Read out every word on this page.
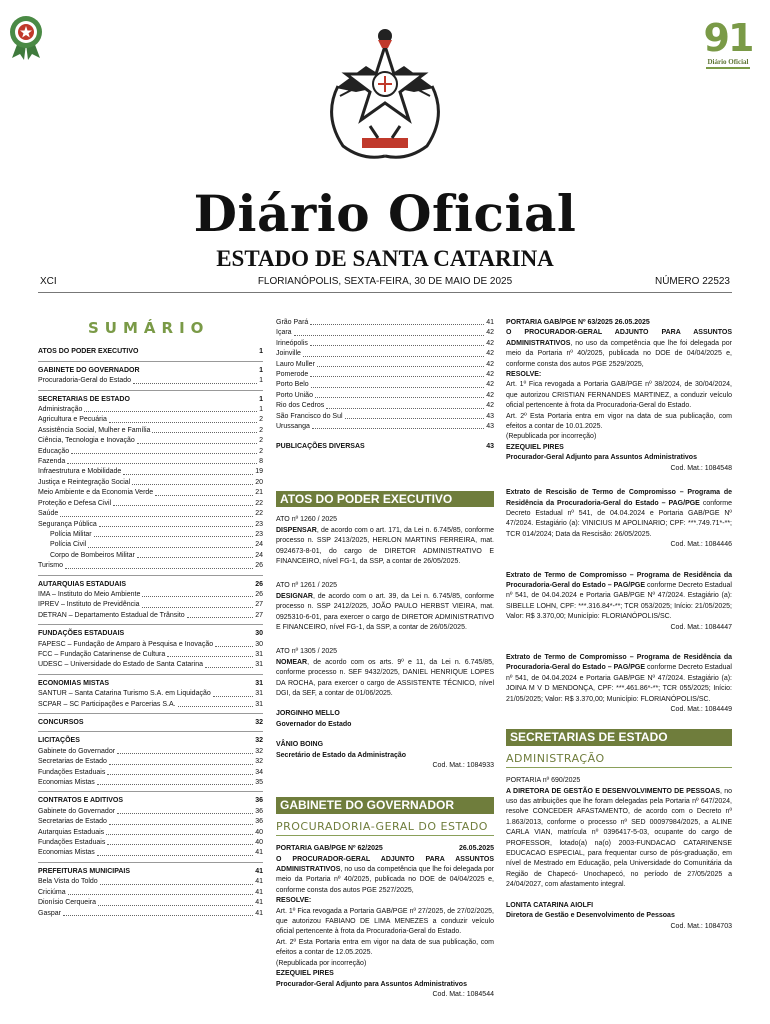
91
Diário Oficial
Diário Oficial
ESTADO DE SANTA CATARINA
XCI	FLORIANÓPOLIS, SEXTA-FEIRA, 30 DE MAIO DE 2025	NÚMERO 22523
SUMÁRIO
ATOS DO PODER EXECUTIVO	1
GABINETE DO GOVERNADOR	1
Procuradoria-Geral do Estado	1
SECRETARIAS DE ESTADO	1
Administração	1
Agricultura e Pecuária	2
Assistência Social, Mulher e Família	2
Ciência, Tecnologia e Inovação	2
Educação	2
Fazenda	8
Infraestrutura e Mobilidade	19
Justiça e Reintegração Social	20
Meio Ambiente e da Economia Verde	21
Proteção e Defesa Civil	22
Saúde	22
Segurança Pública	23
Polícia Militar	23
Polícia Civil	24
Corpo de Bombeiros Militar	24
Turismo	26
AUTARQUIAS ESTADUAIS	26
IMA – Instituto do Meio Ambiente	26
IPREV – Instituto de Previdência	27
DETRAN – Departamento Estadual de Trânsito	27
FUNDAÇÕES ESTADUAIS	30
FAPESC – Fundação de Amparo à Pesquisa e Inovação	30
FCC – Fundação Catarinense de Cultura	31
UDESC – Universidade do Estado de Santa Catarina	31
ECONOMIAS MISTAS	31
SANTUR – Santa Catarina Turismo S.A. em Liquidação	31
SCPAR – SC Participações e Parcerias S.A.	31
CONCURSOS	32
LICITAÇÕES	32
Gabinete do Governador	32
Secretarias de Estado	32
Fundações Estaduais	34
Economias Mistas	35
CONTRATOS E ADITIVOS	36
Gabinete do Governador	36
Secretarias de Estado	36
Autarquias Estaduais	40
Fundações Estaduais	40
Economias Mistas	41
PREFEITURAS MUNICIPAIS	41
Bela Vista do Toldo	41
Criciúma	41
Dionísio Cerqueira	41
Gaspar	41
Grão Pará	41
Içara	42
Irineópolis	42
Joinville	42
Lauro Muller	42
Pomerode	42
Porto Belo	42
Porto União	42
Rio dos Cedros	42
São Francisco do Sul	43
Urussanga	43
PUBLICAÇÕES DIVERSAS	43
ATOS DO PODER EXECUTIVO
ATO nº 1260 / 2025
DISPENSAR, de acordo com o art. 171, da Lei n. 6.745/85, conforme processo n. SSP 2413/2025, HERLON MARTINS FERREIRA, mat. 0924673-8-01, do cargo de DIRETOR ADMINISTRATIVO E FINANCEIRO, nível FG-1, da SSP, a contar de 26/05/2025.
ATO nº 1261 / 2025
DESIGNAR, de acordo com o art. 39, da Lei n. 6.745/85, conforme processo n. SSP 2412/2025, JOÃO PAULO HERBST VIEIRA, mat. 0925310-6-01, para exercer o cargo de DIRETOR ADMINISTRATIVO E FINANCEIRO, nível FG-1, da SSP, a contar de 26/05/2025.
ATO nº 1305 / 2025
NOMEAR, de acordo com os arts. 9º e 11, da Lei n. 6.745/85, conforme processo n. SEF 9432/2025, DANIEL HENRIQUE LOPES DA ROCHA, para exercer o cargo de ASSISTENTE TÉCNICO, nível DGI, da SEF, a contar de 01/06/2025.
JORGINHO MELLO
Governador do Estado
VÂNIO BOING
Secretário de Estado da Administração
Cod. Mat.: 1084933
GABINETE DO GOVERNADOR
PROCURADORIA-GERAL DO ESTADO
PORTARIA GAB/PGE Nº 62/2025	26.05.2025
O PROCURADOR-GERAL ADJUNTO PARA ASSUNTOS ADMINISTRATIVOS, no uso da competência que lhe foi delegada por meio da Portaria nº 40/2025, publicada no DOE de 04/04/2025 e, conforme consta dos autos PGE 2527/2025,
RESOLVE:
Art. 1º Fica revogada a Portaria GAB/PGE nº 27/2025, de 27/02/2025, que autorizou FABIANO DE LIMA MENEZES a conduzir veículo oficial pertencente à frota da Procuradoria-Geral do Estado.
Art. 2º Esta Portaria entra em vigor na data de sua publicação, com efeitos a contar de 12.05.2025.
(Republicada por incorreção)
EZEQUIEL PIRES
Procurador-Geral Adjunto para Assuntos Administrativos
Cod. Mat.: 1084544
PORTARIA GAB/PGE Nº 63/2025 26.05.2025
O PROCURADOR-GERAL ADJUNTO PARA ASSUNTOS ADMINISTRATIVOS, no uso da competência que lhe foi delegada por meio da Portaria nº 40/2025, publicada no DOE de 04/04/2025 e, conforme consta dos autos PGE 2529/2025,
RESOLVE:
Art. 1º Fica revogada a Portaria GAB/PGE nº 38/2024, de 30/04/2024, que autorizou CRISTIAN FERNANDES MARTINEZ, a conduzir veículo oficial pertencente à frota da Procuradoria-Geral do Estado.
Art. 2º Esta Portaria entra em vigor na data de sua publicação, com efeitos a contar de 10.01.2025.
(Republicada por incorreção)
EZEQUIEL PIRES
Procurador-Geral Adjunto para Assuntos Administrativos
Cod. Mat.: 1084548
Extrato de Rescisão de Termo de Compromisso – Programa de Residência da Procuradoria-Geral do Estado – PAG/PGE conforme Decreto Estadual nº 541, de 04.04.2024 e Portaria GAB/PGE Nº 47/2024. Estagiário (a): VINICIUS M APOLINARIO; CPF: ***.749.71*-**; TCR 014/2024; Data da Rescisão: 26/05/2025.
Cod. Mat.: 1084446
Extrato de Termo de Compromisso – Programa de Residência da Procuradoria-Geral do Estado – PAG/PGE conforme Decreto Estadual nº 541, de 04.04.2024 e Portaria GAB/PGE Nº 47/2024. Estagiário (a): SIBELLE LOHN, CPF: ***.316.84*-**; TCR 053/2025; Início: 21/05/2025; Valor: R$ 3.370,00; Município: FLORIANÓPOLIS/SC.
Cod. Mat.: 1084447
Extrato de Termo de Compromisso – Programa de Residência da Procuradoria-Geral do Estado – PAG/PGE conforme Decreto Estadual nº 541, de 04.04.2024 e Portaria GAB/PGE Nº 47/2024. Estagiário (a): JOINA M V D MENDONÇA, CPF: ***.461.86*-**; TCR 055/2025; Início: 21/05/2025; Valor: R$ 3.370,00; Município: FLORIANÓPOLIS/SC.
Cod. Mat.: 1084449
SECRETARIAS DE ESTADO
ADMINISTRAÇÃO
PORTARIA nº 690/2025
A DIRETORA DE GESTÃO E DESENVOLVIMENTO DE PESSOAS, no uso das atribuições que lhe foram delegadas pela Portaria nº 647/2024, resolve CONCEDER AFASTAMENTO, de acordo com o Decreto nº 1.863/2013, conforme o processo nº SED 00097984/2025, a ALINE CARLA VIAN, matrícula nº 0396417-5-03, ocupante do cargo de PROFESSOR, lotado(a) na(o) 2003-FUNDACAO CATARINENSE EDUCACAO ESPECIAL, para frequentar curso de pós-graduação, em nível de Mestrado em Educação, pela Universidade do Comunitária da Região de Chapecó- Unochapecó, no período de 27/05/2025 a 24/04/2027, com afastamento integral.
LONITA CATARINA AIOLFI
Diretora de Gestão e Desenvolvimento de Pessoas
Cod. Mat.: 1084703
